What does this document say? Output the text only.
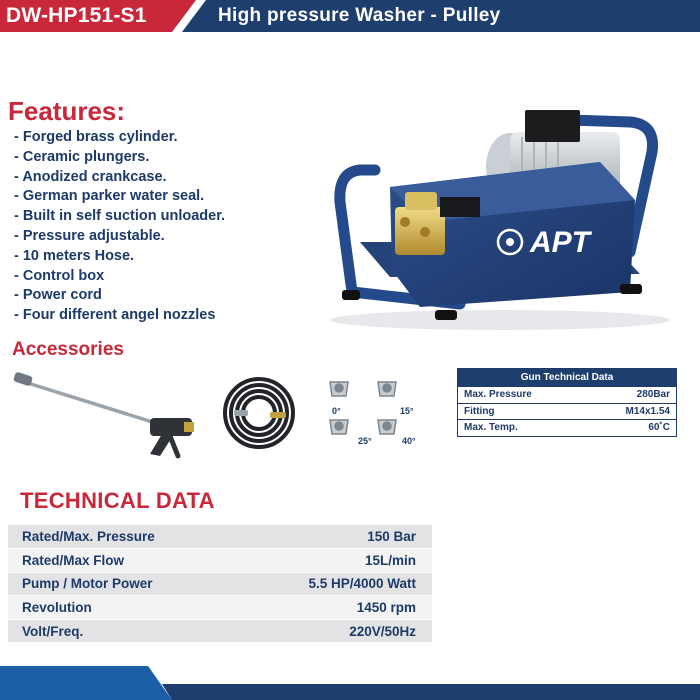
DW-HP151-S1	High pressure Washer - Pulley
Features:
- Forged brass cylinder.
- Ceramic plungers.
- Anodized crankcase.
- German parker water seal.
- Built in self suction unloader.
- Pressure adjustable.
- 10 meters Hose.
- Control box
- Power cord
- Four different angel nozzles
APT
Accessories
0°	15°
25°	40°
Gun Technical Data	
Max. Pressure	280Bar
Fitting	M14x1.54
Max. Temp.	60˚C
TECHNICAL DATA
Rated/Max. Pressure	150 Bar
Rated/Max Flow	15L/min
Pump / Motor Power	5.5 HP/4000 Watt
Revolution	1450 rpm
Volt/Freq.	220V/50Hz
